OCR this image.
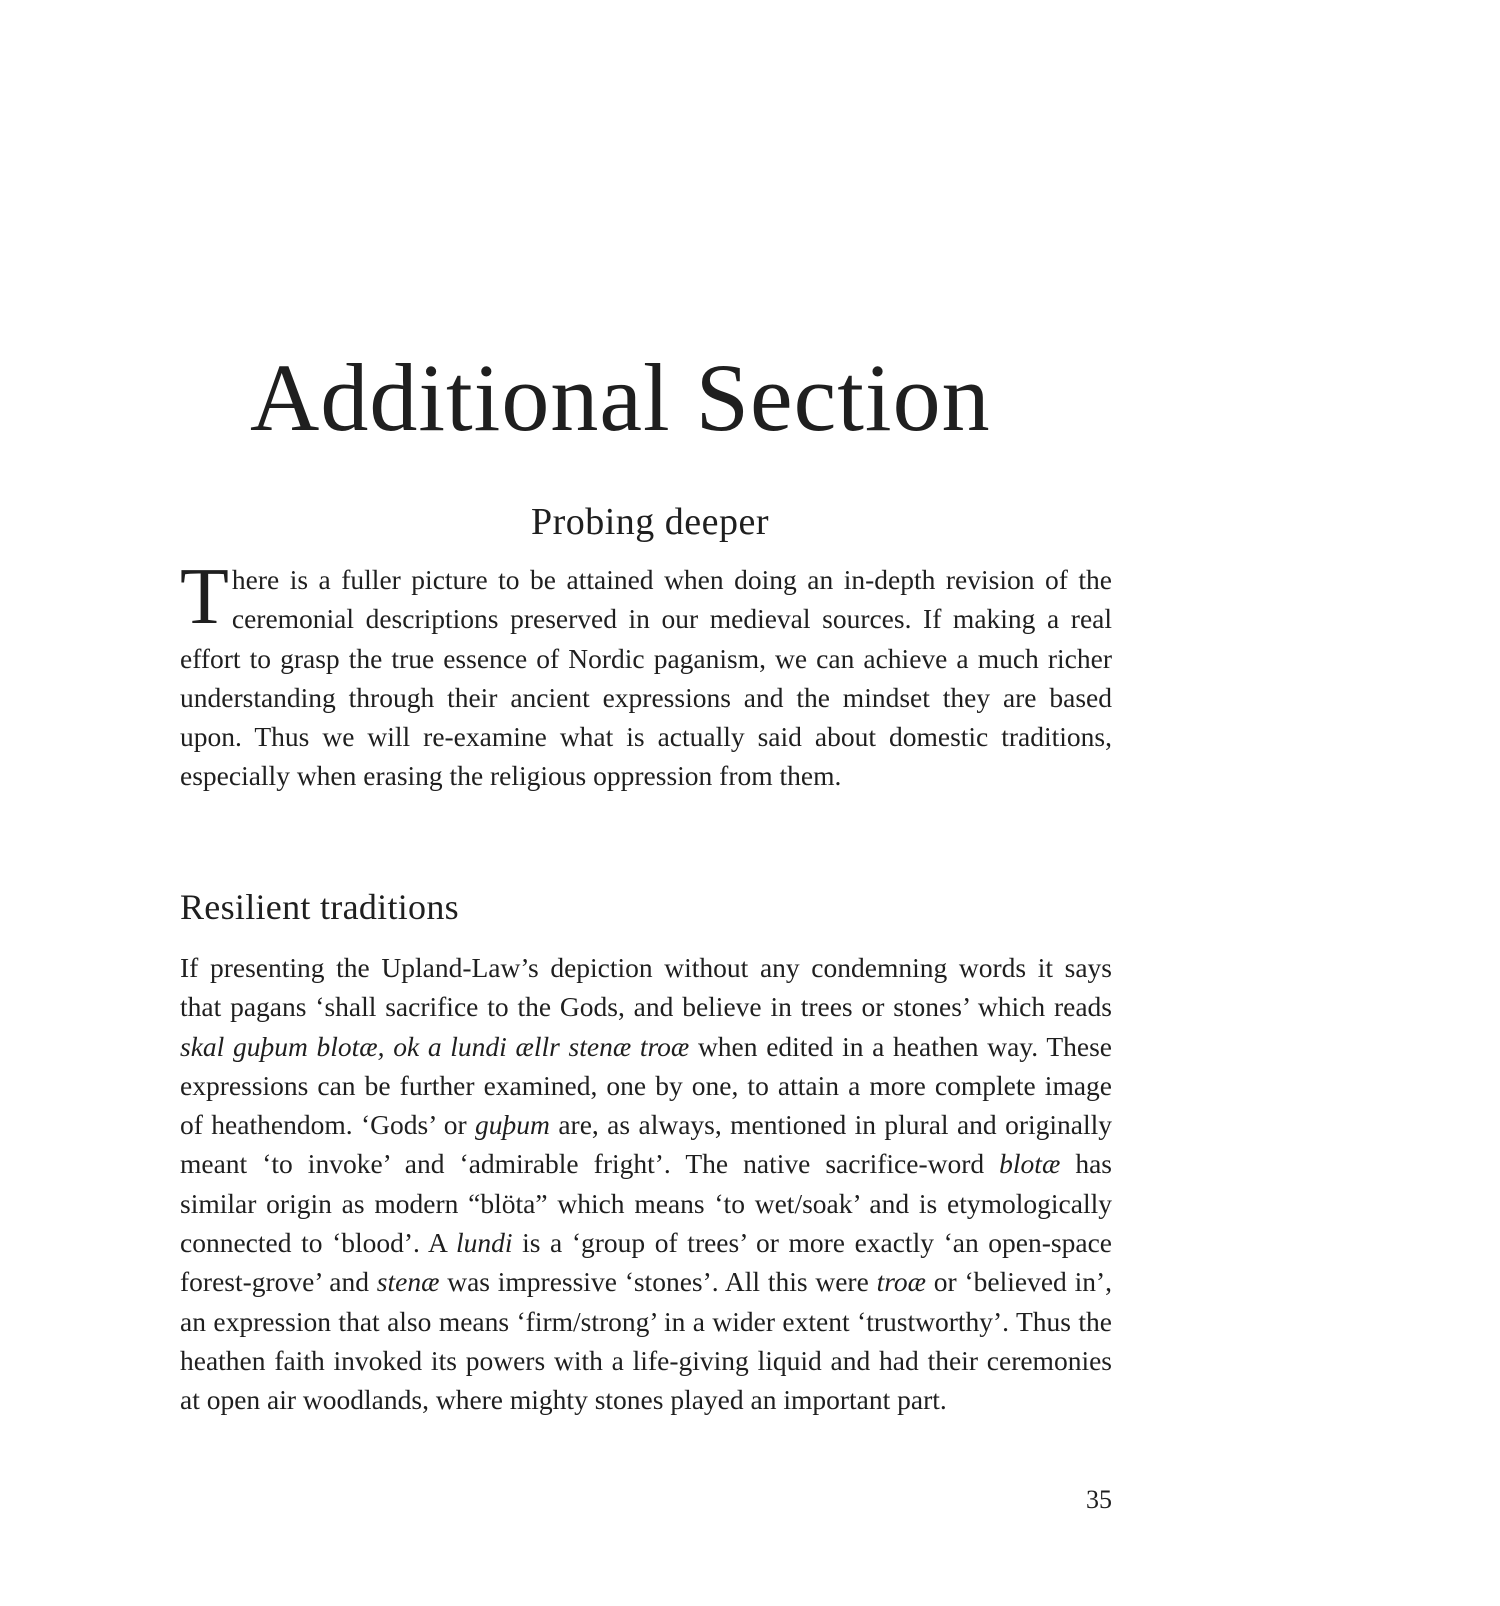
Additional Section
Probing deeper

There is a fuller picture to be attained when doing an in-depth revision of the ceremonial descriptions preserved in our medieval sources. If making a real effort to grasp the true essence of Nordic paganism, we can achieve a much richer understanding through their ancient expressions and the mindset they are based upon. Thus we will re-examine what is actually said about domestic traditions, especially when erasing the religious oppression from them.

Resilient traditions

If presenting the Upland-Law’s depiction without any condemning words it says that pagans ‘shall sacrifice to the Gods, and believe in trees or stones’ which reads skal guþum blotæ, ok a lundi ællr stenæ troæ when edited in a heathen way. These expressions can be further examined, one by one, to attain a more complete image of heathendom. ‘Gods’ or guþum are, as always, mentioned in plural and originally meant ‘to invoke’ and ‘admirable fright’. The native sacrifice-word blotæ has similar origin as modern “blöta” which means ‘to wet/soak’ and is etymologically connected to ‘blood’. A lundi is a ‘group of trees’ or more exactly ‘an open-space forest-grove’ and stenæ was impressive ‘stones’. All this were troæ or ‘believed in’, an expression that also means ‘firm/strong’ in a wider extent ‘trustworthy’. Thus the heathen faith invoked its powers with a life-giving liquid and had their ceremonies at open air woodlands, where mighty stones played an important part.

35
